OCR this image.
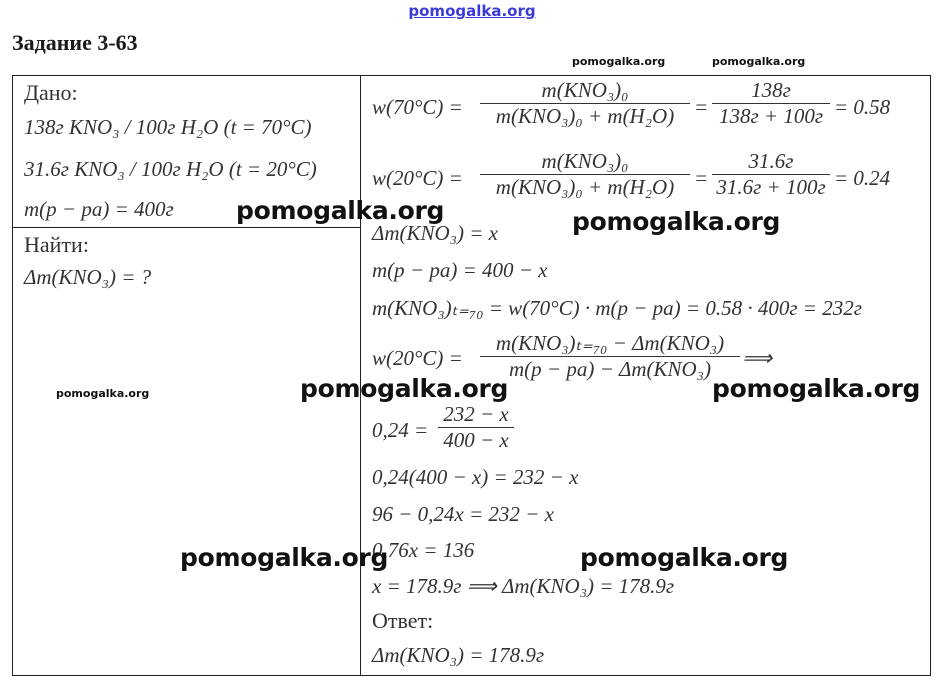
pomogalka.org
Задание 3-63
Дано:
138г KNO₃ / 100г H₂O (t = 70°C)
31.6г KNO₃ / 100г H₂O (t = 20°C)
m(p − pa) = 400г
Найти:
Δm(KNO₃) = ?
w(70°C) =
m(KNO₃)₀
m(KNO₃)₀ + m(H₂O) =
138г
138г + 100г = 0.58
w(20°C) =
m(KNO₃)₀
m(KNO₃)₀ + m(H₂O) =
31.6г
31.6г + 100г = 0.24
Δm(KNO₃) = x
m(p − pa) = 400 − x
m(KNO₃)ₜ₌₇₀ = w(70°C) · m(p − pa) = 0.58 · 400г = 232г
w(20°C) =
m(KNO₃)ₜ₌₇₀ − Δm(KNO₃)
m(p − pa) − Δm(KNO₃)	⟹
$0,24 = \frac{232 - x}{400 - x}$
0,24(400 − x) = 232 − x
96 − 0,24x = 232 − x
0,76x = 136
x = 178.9г ⟹ Δm(KNO₃) = 178.9г
Ответ:
Δm(KNO₃) = 178.9г
pomogalka.org	pomogalka.org
pomogalka.org
pomogalka.org	pomogalka.org
pomogalka.org	pomogalka.org
pomogalka.org	pomogalka.org
